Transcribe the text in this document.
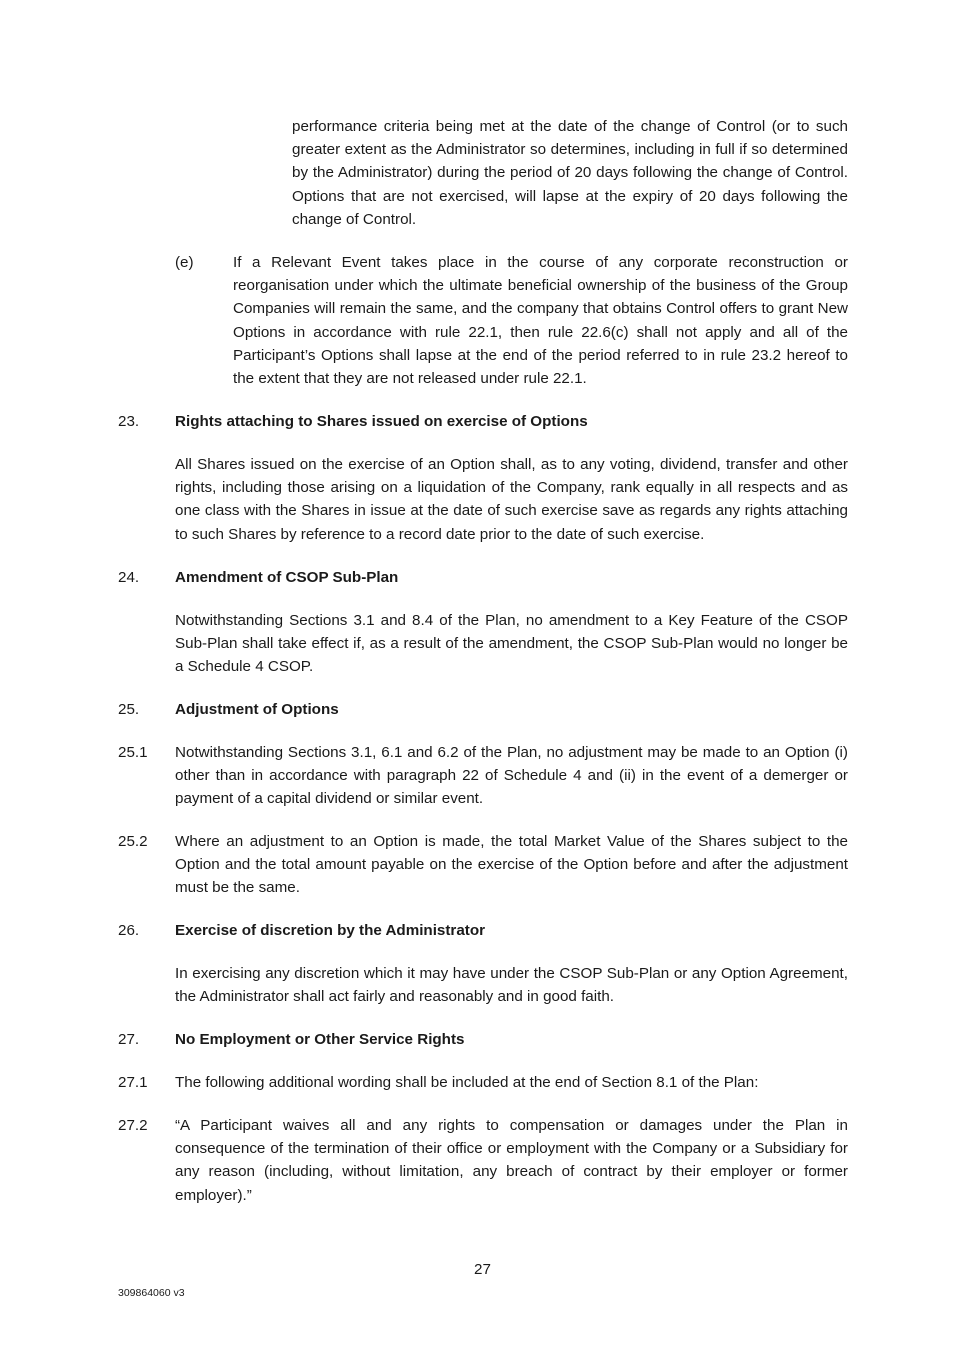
performance criteria being met at the date of the change of Control (or to such greater extent as the Administrator so determines, including in full if so determined by the Administrator) during the period of 20 days following the change of Control. Options that are not exercised, will lapse at the expiry of 20 days following the change of Control.

(e)	If a Relevant Event takes place in the course of any corporate reconstruction or reorganisation under which the ultimate beneficial ownership of the business of the Group Companies will remain the same, and the company that obtains Control offers to grant New Options in accordance with rule 22.1, then rule 22.6(c) shall not apply and all of the Participant’s Options shall lapse at the end of the period referred to in rule 23.2 hereof to the extent that they are not released under rule 22.1.

23. Rights attaching to Shares issued on exercise of Options

All Shares issued on the exercise of an Option shall, as to any voting, dividend, transfer and other rights, including those arising on a liquidation of the Company, rank equally in all respects and as one class with the Shares in issue at the date of such exercise save as regards any rights attaching to such Shares by reference to a record date prior to the date of such exercise.

24. Amendment of CSOP Sub-Plan

Notwithstanding Sections 3.1 and 8.4 of the Plan, no amendment to a Key Feature of the CSOP Sub-Plan shall take effect if, as a result of the amendment, the CSOP Sub-Plan would no longer be a Schedule 4 CSOP.

25. Adjustment of Options

25.1 Notwithstanding Sections 3.1, 6.1 and 6.2 of the Plan, no adjustment may be made to an Option (i) other than in accordance with paragraph 22 of Schedule 4 and (ii) in the event of a demerger or payment of a capital dividend or similar event.

25.2 Where an adjustment to an Option is made, the total Market Value of the Shares subject to the Option and the total amount payable on the exercise of the Option before and after the adjustment must be the same.

26. Exercise of discretion by the Administrator

In exercising any discretion which it may have under the CSOP Sub-Plan or any Option Agreement, the Administrator shall act fairly and reasonably and in good faith.

27. No Employment or Other Service Rights

27.1 The following additional wording shall be included at the end of Section 8.1 of the Plan:

27.2 “A Participant waives all and any rights to compensation or damages under the Plan in consequence of the termination of their office or employment with the Company or a Subsidiary for any reason (including, without limitation, any breach of contract by their employer or former employer).”

27
309864060 v3
